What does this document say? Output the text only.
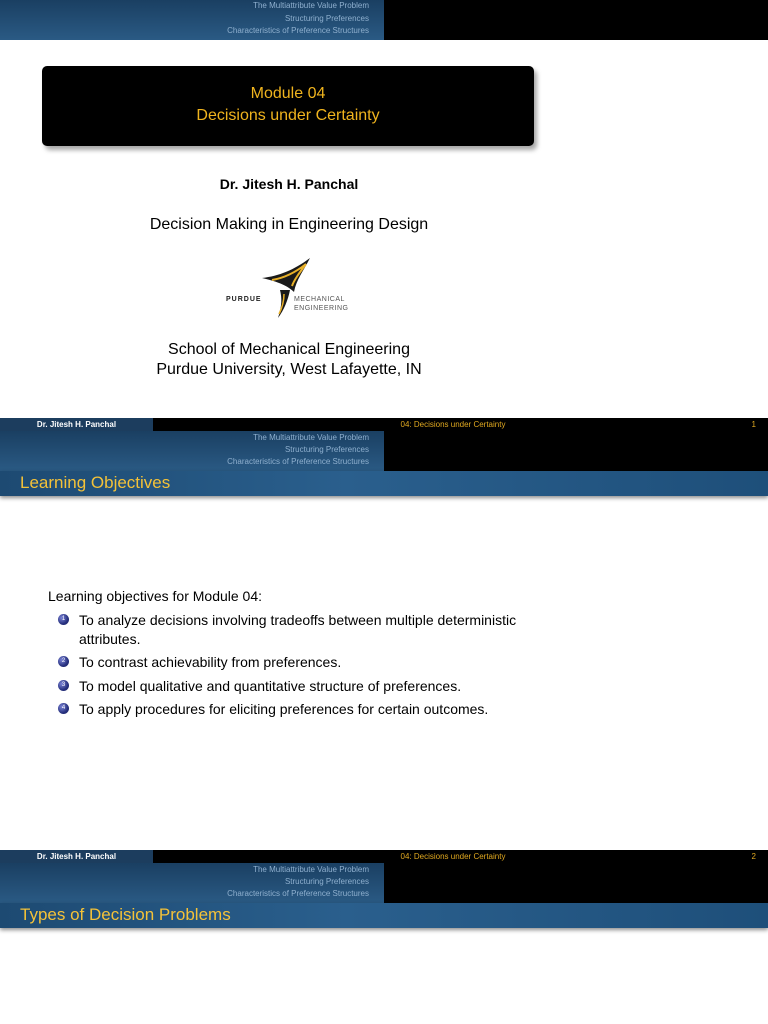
The Multiattribute Value Problem
Structuring Preferences
Characteristics of Preference Structures
Module 04
Decisions under Certainty
Dr. Jitesh H. Panchal
Decision Making in Engineering Design
PURDUE	MECHANICAL
ENGINEERING
School of Mechanical Engineering
Purdue University, West Lafayette, IN
Dr. Jitesh H. Panchal	04: Decisions under Certainty	1
The Multiattribute Value Problem
Structuring Preferences
Characteristics of Preference Structures
Learning Objectives
Learning objectives for Module 04:
1 To analyze decisions involving tradeoffs between multiple deterministic attributes.
2 To contrast achievability from preferences.
3 To model qualitative and quantitative structure of preferences.
4 To apply procedures for eliciting preferences for certain outcomes.
Dr. Jitesh H. Panchal	04: Decisions under Certainty	2
The Multiattribute Value Problem
Structuring Preferences
Characteristics of Preference Structures
Types of Decision Problems
